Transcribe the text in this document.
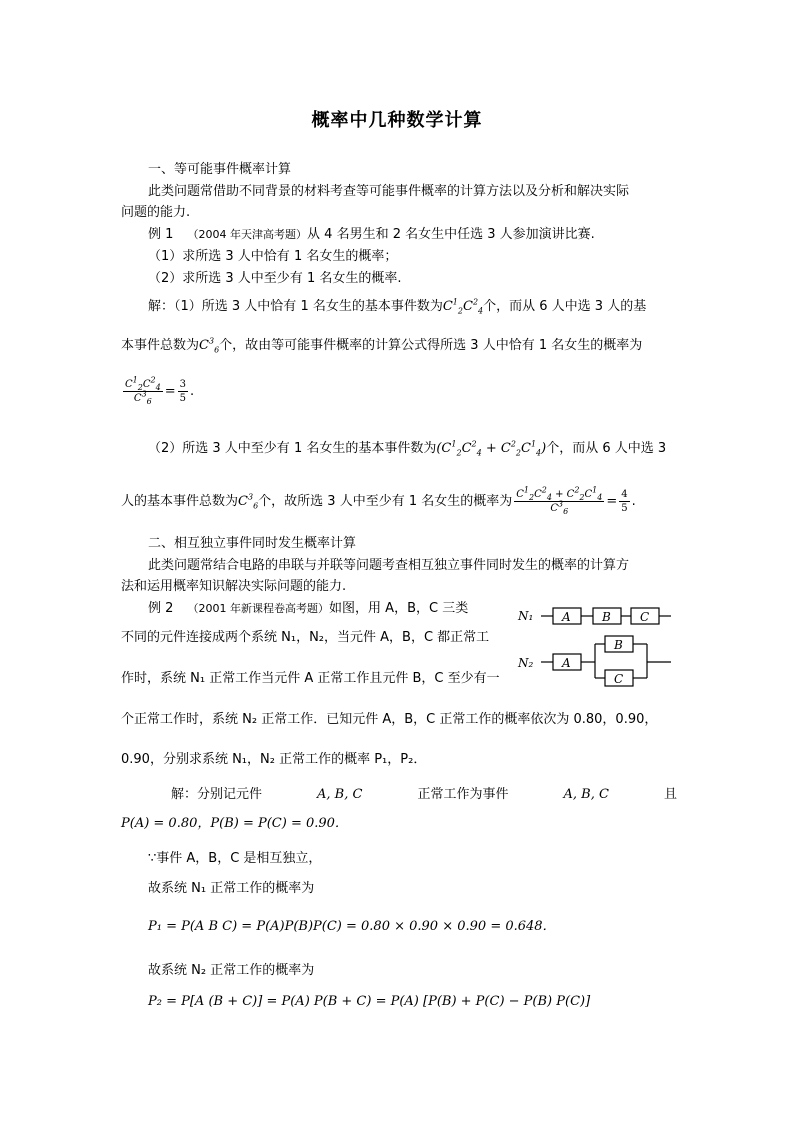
概率中几种数学计算
一、等可能事件概率计算
此类问题常借助不同背景的材料考查等可能事件概率的计算方法以及分析和解决实际
问题的能力.
例 1 （2004 年天津高考题）从 4 名男生和 2 名女生中任选 3 人参加演讲比赛.
（1）求所选 3 人中恰有 1 名女生的概率；
（2）求所选 3 人中至少有 1 名女生的概率.
解：（1）所选 3 人中恰有 1 名女生的基本事件数为$C^1_2C^2_4$个，而从 6 人中选 3 人的基
本事件总数为$C^3_6$个，故由等可能事件概率的计算公式得所选 3 人中恰有 1 名女生的概率为
$\frac{C^1_2C^2_4}{C^3_6} = \frac{3}{5}$ .
（2）所选 3 人中至少有 1 名女生的基本事件数为$(C^1_2C^2_4 + C^2_2C^1_4)$个，而从 6 人中选 3
人的基本事件总数为$C^3_6$个，故所选 3 人中至少有 1 名女生的概率为 $\frac{C^1_2C^2_4 + C^2_2C^1_4}{C^3_6} = \frac{4}{5}$ .
二、相互独立事件同时发生概率计算
此类问题常结合电路的串联与并联等问题考查相互独立事件同时发生的概率的计算方
法和运用概率知识解决实际问题的能力.
例 2 （2001 年新课程卷高考题）如图，用 A，B，C 三类
不同的元件连接成两个系统 N₁，N₂，当元件 A，B，C 都正常工
作时，系统 N₁ 正常工作当元件 A 正常工作且元件 B，C 至少有一
个正常工作时，系统 N₂ 正常工作．已知元件 A，B，C 正常工作的概率依次为 0.80，0.90，
0.90，分别求系统 N₁，N₂ 正常工作的概率 P₁，P₂．
N₁ A	B C
N₂ A
B
C
解：分别记元件	A, B, C	正常工作为事件	A, B, C	且
P(A) = 0.80，P(B) = P(C) = 0.90．
∵事件 A，B，C 是相互独立，
故系统 N₁ 正常工作的概率为
P₁ = P(A B C) = P(A)P(B)P(C) = 0.80 × 0.90 × 0.90 = 0.648．
故系统 N₂ 正常工作的概率为
P₂ = P[A (B + C)] = P(A) P(B + C) = P(A) [P(B) + P(C) − P(B) P(C)]
